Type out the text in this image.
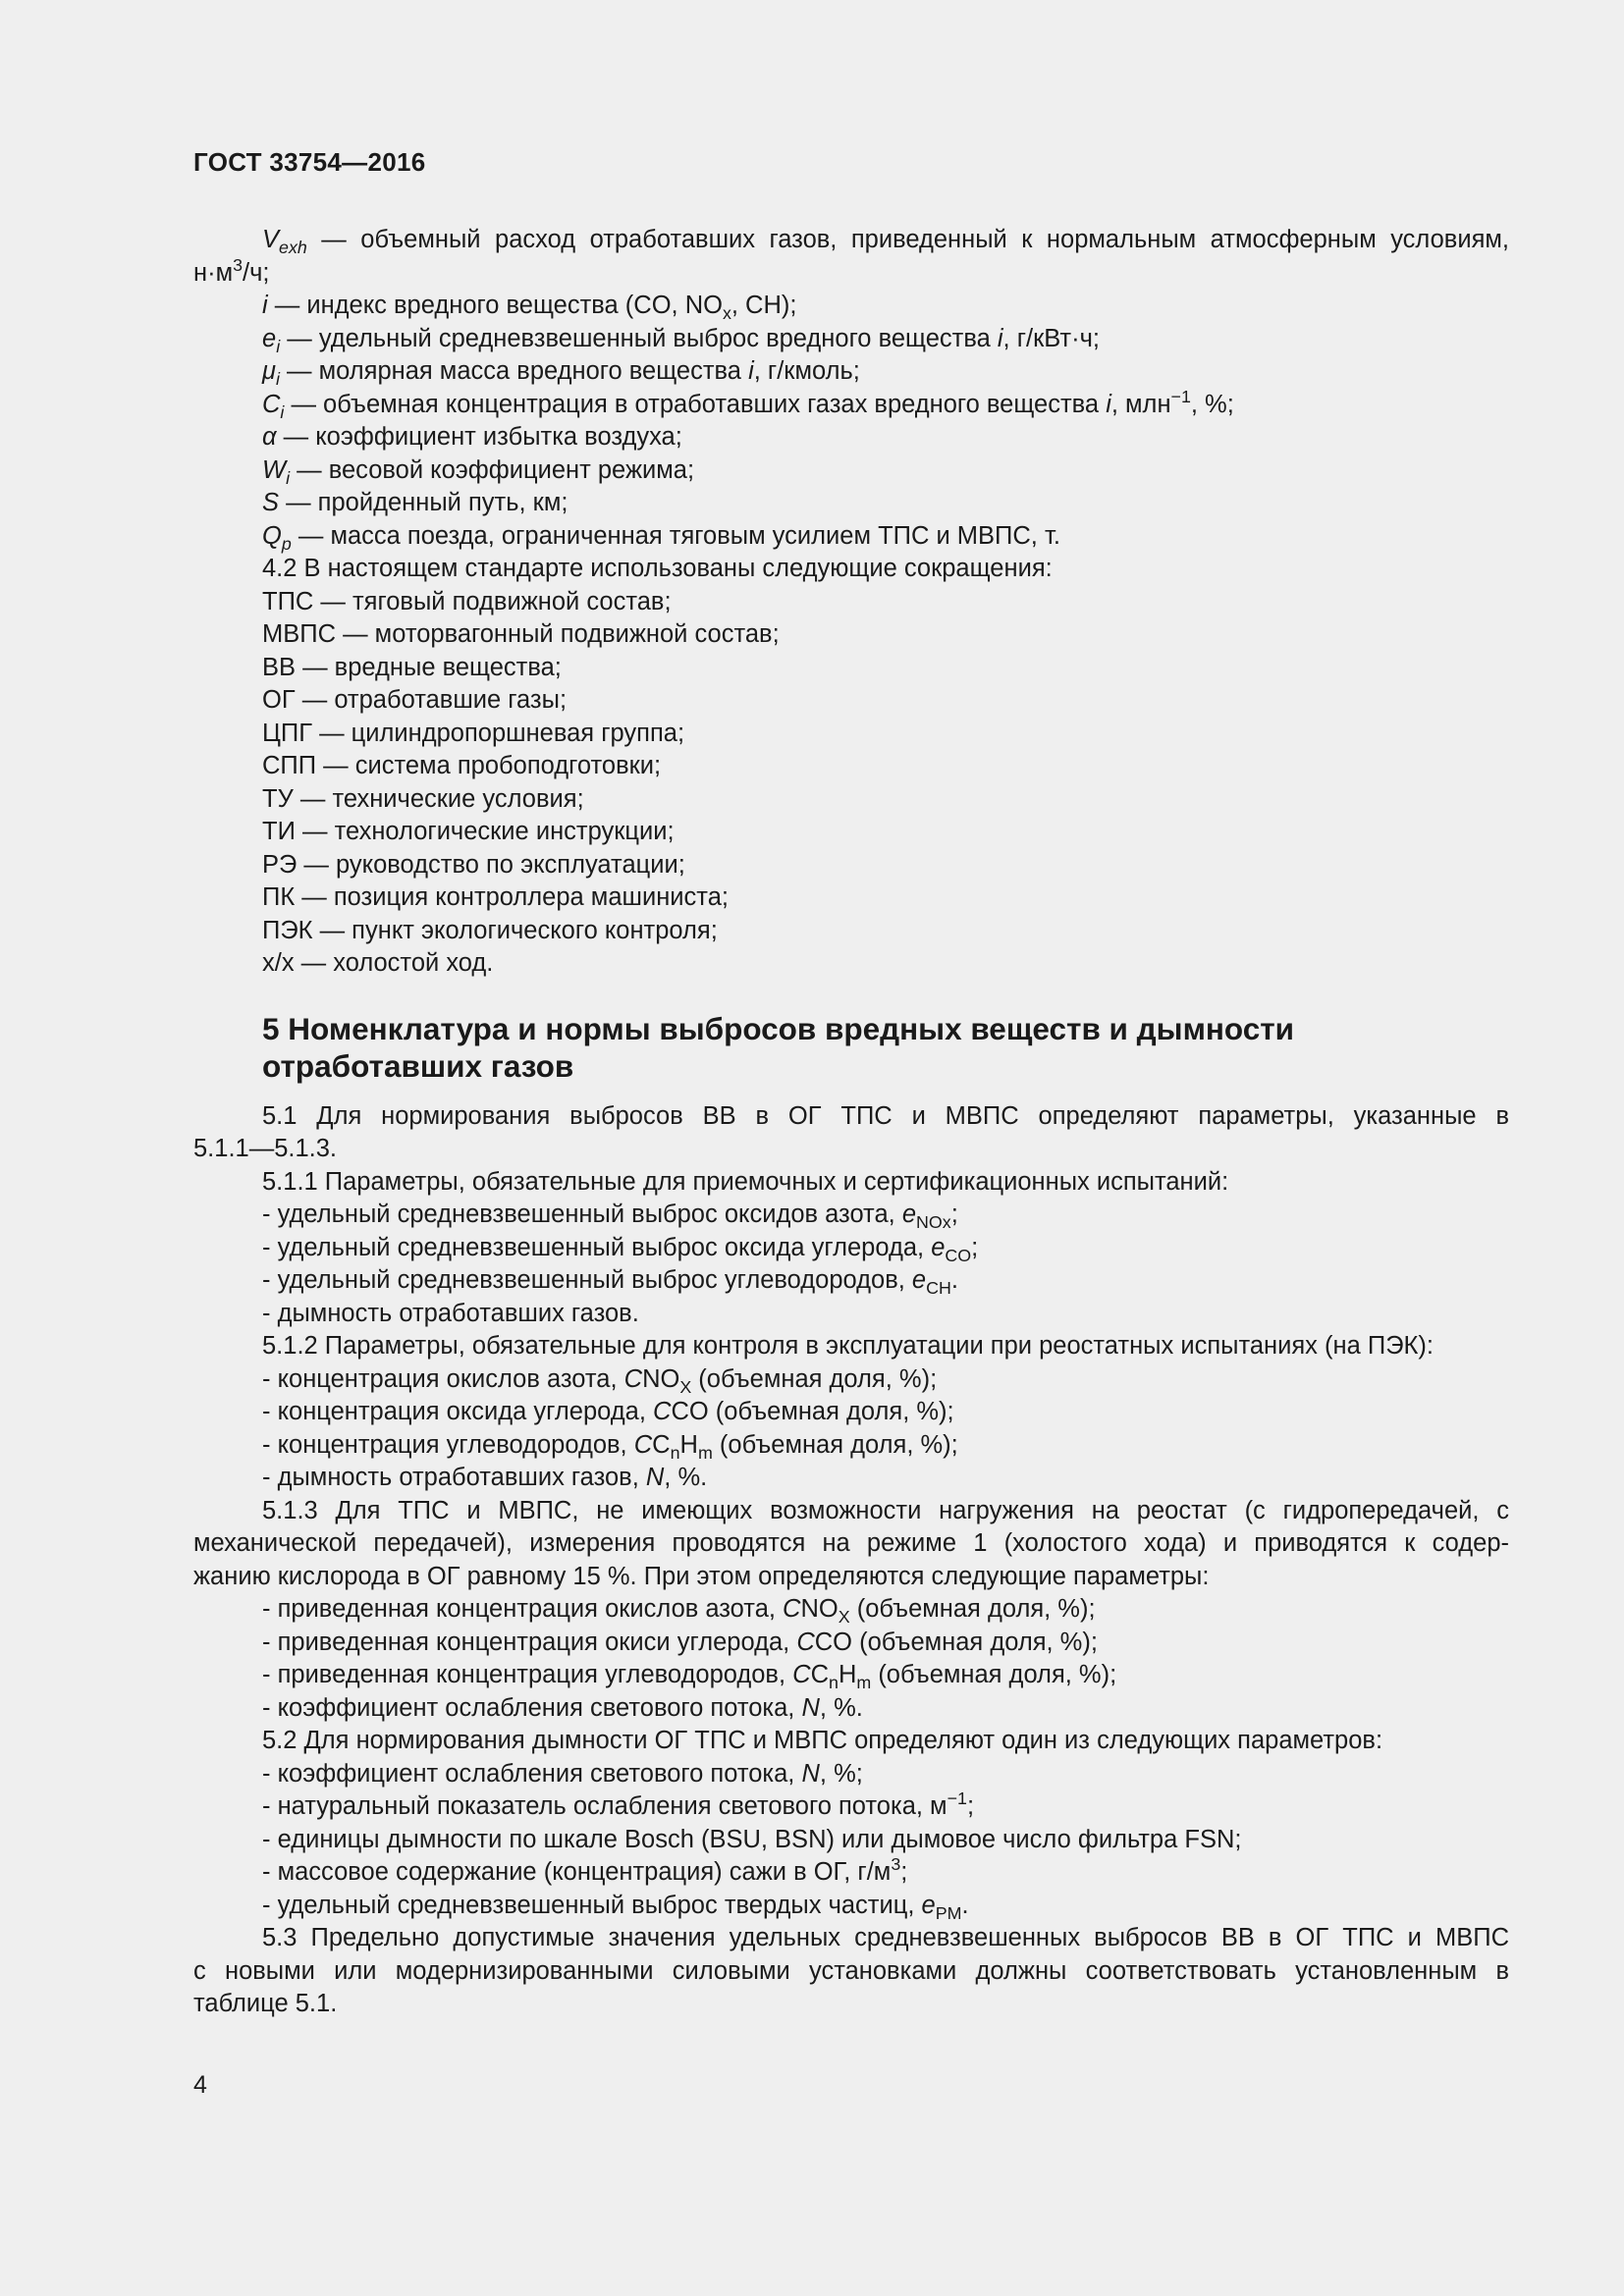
ГОСТ 33754—2016
$V_{exh}$ — объемный расход отработавших газов, приведенный к нормальным атмосферным условиям,
$н\cdot м^3/ч$;
i — индекс вредного вещества (CO, $NO_x$, CH);
$e_i$ — удельный средневзвешенный выброс вредного вещества i, г/кВт·ч;
$\mu_i$ — молярная масса вредного вещества i, г/кмоль;
$C_i$ — объемная концентрация в отработавших газах вредного вещества i, млн$^{-1}$, %;
α — коэффициент избытка воздуха;
$W_i$ — весовой коэффициент режима;
S — пройденный путь, км;
$Q_p$ — масса поезда, ограниченная тяговым усилием ТПС и МВПС, т.
4.2 В настоящем стандарте использованы следующие сокращения:
ТПС — тяговый подвижной состав;
МВПС — моторвагонный подвижной состав;
ВВ — вредные вещества;
ОГ — отработавшие газы;
ЦПГ — цилиндропоршневая группа;
СПП — система пробоподготовки;
ТУ — технические условия;
ТИ — технологические инструкции;
РЭ — руководство по эксплуатации;
ПК — позиция контроллера машиниста;
ПЭК — пункт экологического контроля;
х/х — холостой ход.
5 Номенклатура и нормы выбросов вредных веществ и дымности
отработавших газов
5.1 Для нормирования выбросов ВВ в ОГ ТПС и МВПС определяют параметры, указанные в
5.1.1—5.1.3.
5.1.1 Параметры, обязательные для приемочных и сертификационных испытаний:
- удельный средневзвешенный выброс оксидов азота, $e_{NOx}$;
- удельный средневзвешенный выброс оксида углерода, $e_{CO}$;
- удельный средневзвешенный выброс углеводородов, $e_{CH}$.
- дымность отработавших газов.
5.1.2 Параметры, обязательные для контроля в эксплуатации при реостатных испытаниях (на ПЭК):
- концентрация окислов азота, $CNO_X$ (объемная доля, %);
- концентрация оксида углерода, CCO (объемная доля, %);
- концентрация углеводородов, $CC_nH_m$ (объемная доля, %);
- дымность отработавших газов, N, %.
5.1.3 Для ТПС и МВПС, не имеющих возможности нагружения на реостат (с гидропередачей, с
механической передачей), измерения проводятся на режиме 1 (холостого хода) и приводятся к содер-
жанию кислорода в ОГ равному 15 %. При этом определяются следующие параметры:
- приведенная концентрация окислов азота, $CNO_X$ (объемная доля, %);
- приведенная концентрация окиси углерода, CCO (объемная доля, %);
- приведенная концентрация углеводородов, $CC_nH_m$ (объемная доля, %);
- коэффициент ослабления светового потока, N, %.
5.2 Для нормирования дымности ОГ ТПС и МВПС определяют один из следующих параметров:
- коэффициент ослабления светового потока, N, %;
- натуральный показатель ослабления светового потока, $м^{-1}$;
- единицы дымности по шкале Bosch (BSU, BSN) или дымовое число фильтра FSN;
- массовое содержание (концентрация) сажи в ОГ, $г/м^3$;
- удельный средневзвешенный выброс твердых частиц, $e_{PM}$.
5.3 Предельно допустимые значения удельных средневзвешенных выбросов ВВ в ОГ ТПС и МВПС
с новыми или модернизированными силовыми установками должны соответствовать установленным в
таблице 5.1.
4
